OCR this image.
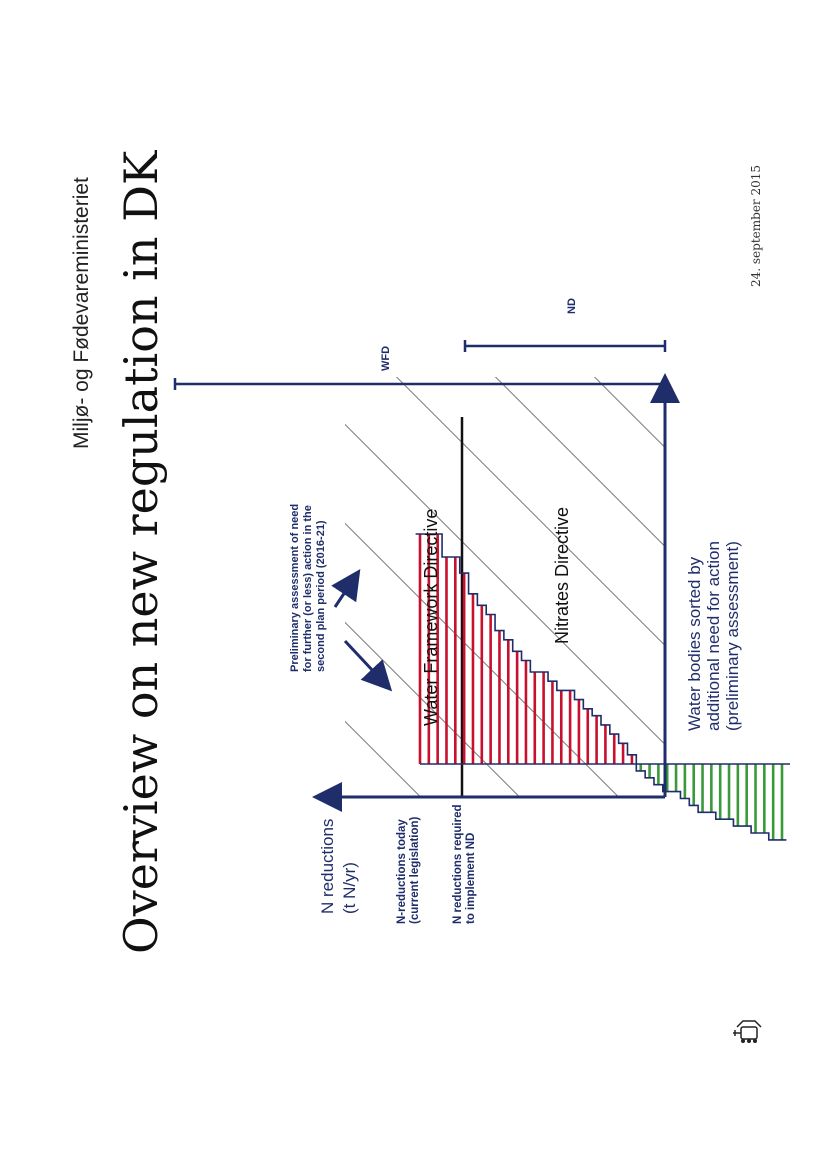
Overview on new regulation in DK
Miljø- og Fødevareministeriet
N reductions (t N/yr)	N-reductions today (current legislation)	N reductions required to implement ND
Water bodies sorted by additional need for action (preliminary assessment)
Preliminary assessment of need for further (or less) action in the second plan period (2016-21)	Water Framework Directive	Nitrates Directive
WFD
ND
24. september 2015
